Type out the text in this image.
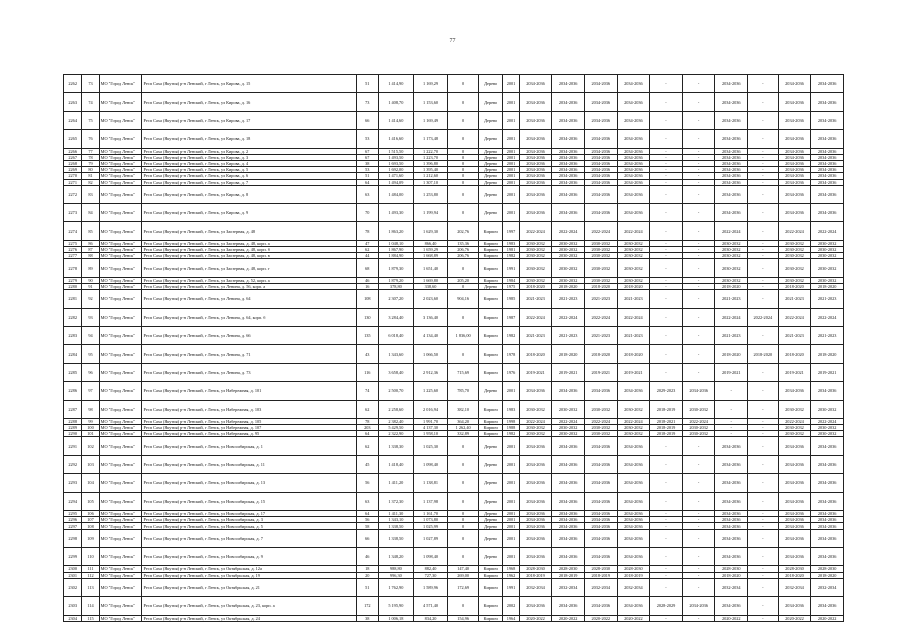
77
2262	73	МО "Город Ленск"	Респ Саха (Якутия) р-н Ленский, г Ленск, ул Кирова, д. 15	51	1 414,90	1 169,29	0	Дерево	2001	2034-2036	2034-2036	2034-2036	2034-2036	-	-	2034-2036	-	2034-2036	2034-2036
2263	74	МО "Город Ленск"	Респ Саха (Якутия) р-н Ленский, г Ленск, ул Кирова, д. 16	73	1 408,70	1 153,60	0	Дерево	2001	2034-2036	2034-2036	2034-2036	2034-2036	-	-	2034-2036	-	2034-2036	2034-2036
2264	75	МО "Город Ленск"	Респ Саха (Якутия) р-н Ленский, г Ленск, ул Кирова, д. 17	66	1 414,60	1 169,49	0	Дерево	2001	2034-2036	2034-2036	2034-2036	2034-2036	-	-	2034-2036	-	2034-2036	2034-2036
2265	76	МО "Город Ленск"	Респ Саха (Якутия) р-н Ленский, г Ленск, ул Кирова, д. 18	53	1 416,60	1 173,48	0	Дерево	2001	2034-2036	2034-2036	2034-2036	2034-2036	-	-	2034-2036	-	2034-2036	2034-2036
2266	77	МО "Город Ленск"	Респ Саха (Якутия) р-н Ленский, г Ленск, ул Кирова, д. 2	67	1 515,50	1 222,70	0	Дерево	2001	2034-2036	2034-2036	2034-2036	2034-2036	-	-	2034-2036	-	2034-2036	2034-2036
2267	78	МО "Город Ленск"	Респ Саха (Якутия) р-н Ленский, г Ленск, ул Кирова, д. 3	67	1 493,50	1 223,70	0	Дерево	2001	2034-2036	2034-2036	2034-2036	2034-2036	-	-	2034-2036	-	2034-2036	2034-2036
2268	79	МО "Город Ленск"	Респ Саха (Якутия) р-н Ленский, г Ленск, ул Кирова, д. 4	38	1 693,50	1 396,80	0	Дерево	2001	2034-2036	2034-2036	2034-2036	2034-2036	-	-	2034-2036	-	2034-2036	2034-2036
2269	80	МО "Город Ленск"	Респ Саха (Якутия) р-н Ленский, г Ленск, ул Кирова, д. 5	53	1 692,00	1 395,40	0	Дерево	2001	2034-2036	2034-2036	2034-2036	2034-2036	-	-	2034-2036	-	2034-2036	2034-2036
2270	81	МО "Город Ленск"	Респ Саха (Якутия) р-н Ленский, г Ленск, ул Кирова, д. 6	51	1 471,60	1 212,60	0	Дерево	2001	2034-2036	2034-2036	2034-2036	2034-2036	-	-	2034-2036	-	2034-2036	2034-2036
2271	82	МО "Город Ленск"	Респ Саха (Якутия) р-н Ленский, г Ленск, ул Кирова, д. 7	64	1 494,09	1 307,10	0	Дерево	2001	2034-2036	2034-2036	2034-2036	2034-2036	-	-	2034-2036	-	2034-2036	2034-2036
2272	83	МО "Город Ленск"	Респ Саха (Якутия) р-н Ленский, г Ленск, ул Кирова, д. 8	63	1 484,00	1 253,80	0	Дерево	2001	2034-2036	2034-2036	2034-2036	2034-2036	-	-	2034-2036	-	2034-2036	2034-2036
2273	84	МО "Город Ленск"	Респ Саха (Якутия) р-н Ленский, г Ленск, ул Кирова, д. 9	70	1 493,30	1 199,94	0	Дерево	2001	2034-2036	2034-2036	2034-2036	2034-2036	-	-	2034-2036	-	2034-2036	2034-2036
2274	85	МО "Город Ленск"	Респ Саха (Якутия) р-н Ленский, г Ленск, ул Заозерная, д. 48	78	1 863,20	1 629,30	202,76	Кирпич	1997	2022-2024	2022-2024	2022-2024	2022-2024	-	-	2022-2024	-	2022-2024	2022-2024
2275	86	МО "Город Ленск"	Респ Саха (Якутия) р-н Ленский, г Ленск, ул Заозерная, д. 48, корп. а	47	1 048,10	866,40	135,36	Кирпич	1983	2030-2032	2030-2032	2030-2032	2030-2032	-	-	2030-2032	-	2030-2032	2030-2032
2276	87	МО "Город Ленск"	Респ Саха (Якутия) р-н Ленский, г Ленск, ул Заозерная, д. 48, корп. б	62	1 867,90	1 659,29	206,76	Кирпич	1981	2030-2032	2030-2032	2030-2032	2030-2032	-	-	2030-2032	-	2030-2032	2030-2032
2277	88	МО "Город Ленск"	Респ Саха (Якутия) р-н Ленский, г Ленск, ул Заозерная, д. 48, корп. в	44	1 884,90	1 668,89	206,76	Кирпич	1982	2030-2032	2030-2032	2030-2032	2030-2032	-	-	2030-2032	-	2030-2032	2030-2032
2278	89	МО "Город Ленск"	Респ Саха (Якутия) р-н Ленский, г Ленск, ул Заозерная, д. 48, корп. г	68	1 879,30	1 651,40	0	Кирпич	1991	2030-2032	2030-2032	2030-2032	2030-2032	-	-	2030-2032	-	2030-2032	2030-2032
2279	90	МО "Город Ленск"	Респ Саха (Якутия) р-н Ленский, г Ленск, ул Заозерная, д. 52, корп. а	46	1 879,20	1 669,80	205,20	Кирпич	1984	2030-2032	2030-2032	2030-2032	2030-2032	-	-	2030-2032	-	2030-2032	2030-2032
2280	91	МО "Город Ленск"	Респ Саха (Якутия) р-н Ленский, г Ленск, ул Ленина, д. 56, корп. а	16	378,80	338,60	0	Дерево	1975	2018-2020	2018-2020	2018-2020	2018-2020	-	-	2018-2020	-	2018-2020	2018-2020
2281	92	МО "Город Ленск"	Респ Саха (Якутия) р-н Ленский, г Ленск, ул Ленина, д. 64	108	2 307,20	2 023,60	904,16	Кирпич	1985	2021-2023	2021-2023	2021-2023	2021-2023	-	-	2021-2023	-	2021-2023	2021-2023
2282	93	МО "Город Ленск"	Респ Саха (Якутия) р-н Ленский, г Ленск, ул Ленина, д. 64, корп. б	130	3 284,40	3 136,40	0	Кирпич	1987	2022-2024	2022-2024	2022-2024	2022-2024	-	-	2022-2024	2022-2024	2022-2024	2022-2024
2283	94	МО "Город Ленск"	Респ Саха (Якутия) р-н Ленский, г Ленск, ул Ленина, д. 66	135	6 018,40	4 134,40	1 836,00	Кирпич	1982	2021-2023	2021-2023	2021-2023	2021-2023	-	-	2021-2023	-	2021-2023	2021-2023
2284	95	МО "Город Ленск"	Респ Саха (Якутия) р-н Ленский, г Ленск, ул Ленина, д. 71	43	1 343,60	1 066,50	0	Кирпич	1978	2018-2020	2018-2020	2018-2020	2018-2020	-	-	2018-2020	2018-2020	2018-2020	2018-2020
2285	96	МО "Город Ленск"	Респ Саха (Якутия) р-н Ленский, г Ленск, ул Ленина, д. 73	116	3 658,40	2 912,36	715,69	Кирпич	1976	2019-2021	2019-2021	2019-2021	2019-2021	-	-	2019-2021	-	2019-2021	2019-2021
2286	97	МО "Город Ленск"	Респ Саха (Якутия) р-н Ленский, г Ленск, ул Набережная, д. 101	74	2 500,70	1 225,60	785,70	Дерево	2001	2034-2036	2034-2036	2034-2036	2034-2036	2029-2023	2034-2036	-	-	2034-2036	2034-2036
2287	98	МО "Город Ленск"	Респ Саха (Якутия) р-н Ленский, г Ленск, ул Набережная, д. 103	62	2 258,60	2 016,94	382,10	Кирпич	1983	2030-2032	2030-2032	2030-2032	2030-2032	2018-2019	2030-2032	-	-	2030-2032	2030-2032
2288	99	МО "Город Ленск"	Респ Саха (Якутия) р-н Ленский, г Ленск, ул Набережная, д. 105	78	2 382,40	1 991,70	364,20	Кирпич	1998	2022-2024	2022-2024	2022-2024	2022-2024	2018-2021	2022-2024	-	-	2022-2024	2022-2024
2289	100	МО "Город Ленск"	Респ Саха (Якутия) р-н Ленский, г Ленск, ул Набережная, д. 107	203	5 429,50	4 137,30	1 262,40	Кирпич	1988	2030-2032	2030-2032	2030-2032	2030-2032	2018-2019	2030-2032	-	-	2030-2032	2030-2032
2290	101	МО "Город Ленск"	Респ Саха (Якутия) р-н Ленский, г Ленск, ул Набережная, д. 95	64	2 322,90	1 958,10	332,89	Кирпич	1982	2030-2032	2030-2032	2030-2032	2030-2032	2018-2019	2030-2032	-	-	2030-2032	2030-2032
2291	102	МО "Город Ленск"	Респ Саха (Якутия) р-н Ленский, г Ленск, ул Новосибирская, д. 1	62	1 338,30	1 025,30	0	Дерево	2001	2034-2036	2034-2036	2034-2036	2034-2036	-	-	2034-2036	-	2034-2036	2034-2036
2292	103	МО "Город Ленск"	Респ Саха (Якутия) р-н Ленский, г Ленск, ул Новосибирская, д. 11	45	1 418,40	1 098,40	0	Дерево	2001	2034-2036	2034-2036	2034-2036	2034-2036	-	-	2034-2036	-	2034-2036	2034-2036
2293	104	МО "Город Ленск"	Респ Саха (Якутия) р-н Ленский, г Ленск, ул Новосибирская, д. 13	56	1 411,20	1 138,81	0	Дерево	2001	2034-2036	2034-2036	2034-2036	2034-2036	-	-	2034-2036	-	2034-2036	2034-2036
2294	105	МО "Город Ленск"	Респ Саха (Якутия) р-н Ленский, г Ленск, ул Новосибирская, д. 15	63	1 372,30	1 137,98	0	Дерево	2001	2034-2036	2034-2036	2034-2036	2034-2036	-	-	2034-2036	-	2034-2036	2034-2036
2295	106	МО "Город Ленск"	Респ Саха (Якутия) р-н Ленский, г Ленск, ул Новосибирская, д. 17	64	1 411,30	1 161,70	0	Дерево	2001	2034-2036	2034-2036	2034-2036	2034-2036	-	-	2034-2036	-	2034-2036	2034-2036
2296	107	МО "Город Ленск"	Респ Саха (Якутия) р-н Ленский, г Ленск, ул Новосибирская, д. 3	56	1 343,10	1 073,80	0	Дерево	2001	2034-2036	2034-2036	2034-2036	2034-2036	-	-	2034-2036	-	2034-2036	2034-2036
2297	108	МО "Город Ленск"	Респ Саха (Якутия) р-н Ленский, г Ленск, ул Новосибирская, д. 5	58	1 338,50	1 025,99	0	Дерево	2001	2034-2036	2034-2036	2034-2036	2034-2036	-	-	2034-2036	-	2034-2036	2034-2036
2298	109	МО "Город Ленск"	Респ Саха (Якутия) р-н Ленский, г Ленск, ул Новосибирская, д. 7	66	1 338,50	1 027,89	0	Дерево	2001	2034-2036	2034-2036	2034-2036	2034-2036	-	-	2034-2036	-	2034-2036	2034-2036
2299	110	МО "Город Ленск"	Респ Саха (Якутия) р-н Ленский, г Ленск, ул Новосибирская, д. 9	46	1 348,20	1 098,40	0	Дерево	2001	2034-2036	2034-2036	2034-2036	2034-2036	-	-	2034-2036	-	2034-2036	2034-2036
2300	111	МО "Город Ленск"	Респ Саха (Якутия) р-н Ленский, г Ленск, ул Октябрьская, д. 12а	18	988,80	882,40	147,40	Кирпич	1968	2028-2030	2028-2030	2028-2030	2028-2030	-	-	2028-2030	-	2028-2030	2028-2030
2301	112	МО "Город Ленск"	Респ Саха (Якутия) р-н Ленский, г Ленск, ул Октябрьская, д. 19	20	996,30	727,30	269,00	Кирпич	1962	2018-2019	2018-2019	2018-2019	2018-2019	-	-	2018-2020	-	2018-2020	2018-2020
2302	113	МО "Город Ленск"	Респ Саха (Якутия) р-н Ленский, г Ленск, ул Октябрьская, д. 21	51	1 762,90	1 589,96	172,69	Кирпич	1991	2032-2034	2032-2034	2032-2034	2032-2034	-	-	2032-2034	-	2032-2034	2032-2034
2303	114	МО "Город Ленск"	Респ Саха (Якутия) р-н Ленский, г Ленск, ул Октябрьская, д. 23, корп. а	172	5 195,90	4 571,40	0	Кирпич	2002	2034-2036	2034-2036	2034-2036	2034-2036	2028-2029	2034-2036	2034-2036	-	2034-2036	2034-2036
2304	115	МО "Город Ленск"	Респ Саха (Якутия) р-н Ленский, г Ленск, ул Октябрьская, д. 24	38	1 006,18	834,20	154,96	Кирпич	1964	2020-2022	2020-2022	2020-2022	2020-2022	-	-	2020-2022	-	2020-2022	2020-2022
